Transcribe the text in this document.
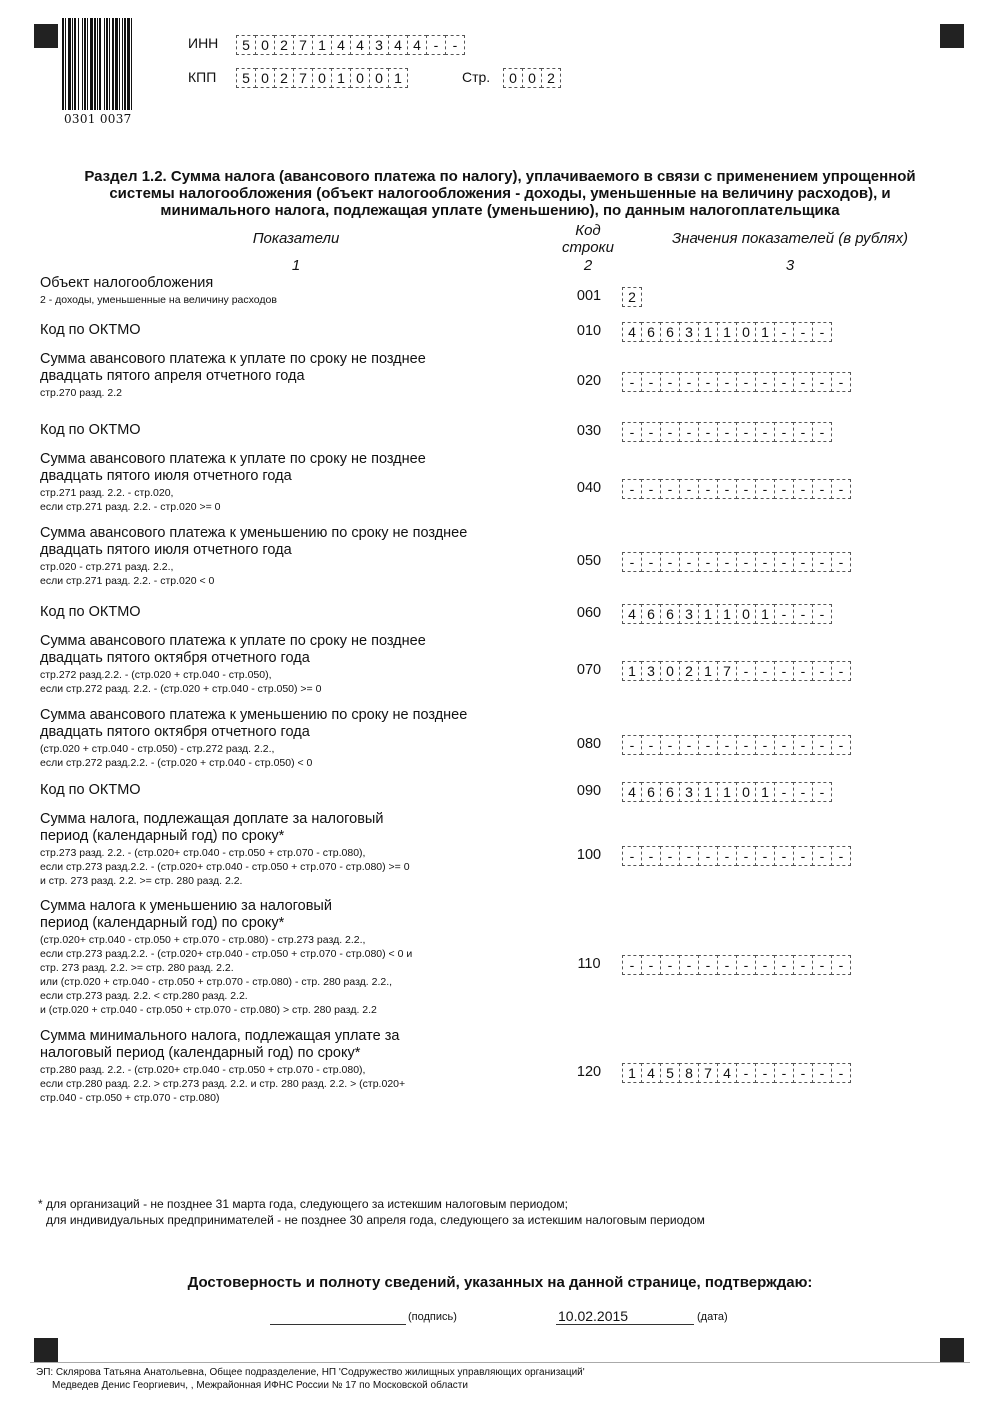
0301 0037
ИНН	5 0 2 7 1 4 4 3 4 4 -	-
КПП	5 0 2 7 0 1 0 0 1	Стр.	0 0 2
Раздел 1.2. Сумма налога (авансового платежа по налогу), уплачиваемого в связи с применением упрощенной
системы налогообложения (объект налогообложения - доходы, уменьшенные на величину расходов), и
минимального налога, подлежащая уплате (уменьшению), по данным налогоплательщика
Показатели	Код
строки
Значения показателей (в рублях)
1	2	3
Объект налогообложения
2 - доходы, уменьшенные на величину расходов	001	2
Код по ОКТМО	010	4 6 6 3 1 1 0 1 -	-	-
Сумма авансового платежа к уплате по сроку не позднее
двадцать пятого апреля отчетного года
стр.270 разд. 2.2
020	-	-	-	-	-	-	-	-	-	-	-	-
Код по ОКТМО	030	-	-	-	-	-	-	-	-	-	-	-
Сумма авансового платежа к уплате по сроку не позднее
двадцать пятого июля отчетного года
стр.271 разд. 2.2. - стр.020,
если стр.271 разд. 2.2. - стр.020 >= 0
040	-	-	-	-	-	-	-	-	-	-	-	-
Сумма авансового платежа к уменьшению по сроку не позднее
двадцать пятого июля отчетного года
стр.020 - стр.271 разд. 2.2.,
если стр.271 разд. 2.2. - стр.020 < 0
050	-	-	-	-	-	-	-	-	-	-	-	-
Код по ОКТМО	060	4 6 6 3 1 1 0 1 -	-	-
Сумма авансового платежа к уплате по сроку не позднее
двадцать пятого октября отчетного года
стр.272 разд.2.2. - (стр.020 + стр.040 - стр.050),
если стр.272 разд. 2.2. - (стр.020 + стр.040 - стр.050) >= 0
070	1 3 0 2 1 7 -	-	-	-	-	-
Сумма авансового платежа к уменьшению по сроку не позднее
двадцать пятого октября отчетного года
(стр.020 + стр.040 - стр.050) - стр.272 разд. 2.2.,
если стр.272 разд.2.2. - (стр.020 + стр.040 - стр.050) < 0
080	-	-	-	-	-	-	-	-	-	-	-	-
Код по ОКТМО	090	4 6 6 3 1 1 0 1 -	-	-
Сумма налога, подлежащая доплате за налоговый
период (календарный год) по сроку*
стр.273 разд. 2.2. - (стр.020+ стр.040 - стр.050 + стр.070 - стр.080),
если стр.273 разд.2.2. - (стр.020+ стр.040 - стр.050 + стр.070 - стр.080) >= 0
и стр. 273 разд. 2.2. >= стр. 280 разд. 2.2.
100	-	-	-	-	-	-	-	-	-	-	-	-
Сумма налога к уменьшению за налоговый
период (календарный год) по сроку*
(стр.020+ стр.040 - стр.050 + стр.070 - стр.080) - стр.273 разд. 2.2.,
если стр.273 разд.2.2. - (стр.020+ стр.040 - стр.050 + стр.070 - стр.080) < 0 и
стр. 273 разд. 2.2. >= стр. 280 разд. 2.2.
или (стр.020 + стр.040 - стр.050 + стр.070 - стр.080) - стр. 280 разд. 2.2.,
если стр.273 разд. 2.2. < стр.280 разд. 2.2.
и (стр.020 + стр.040 - стр.050 + стр.070 - стр.080) > стр. 280 разд. 2.2
110	-	-	-	-	-	-	-	-	-	-	-	-
Сумма минимального налога, подлежащая уплате за
налоговый период (календарный год) по сроку*
стр.280 разд. 2.2. - (стр.020+ стр.040 - стр.050 + стр.070 - стр.080),
если стр.280 разд. 2.2. > стр.273 разд. 2.2. и стр. 280 разд. 2.2. > (стр.020+
стр.040 - стр.050 + стр.070 - стр.080)
120	1 4 5 8 7 4 -	-	-	-	-	-
* для организаций - не позднее 31 марта года, следующего за истекшим налоговым периодом;
для индивидуальных предпринимателей - не позднее 30 апреля года, следующего за истекшим налоговым периодом
Достоверность и полноту сведений, указанных на данной странице, подтверждаю:
(подпись)	10.02.2015	(дата)
ЭП: Склярова Татьяна Анатольевна, Общее подразделение, НП 'Содружество жилищных управляющих организаций'
Медведев Денис Георгиевич, , Межрайонная ИФНС России № 17 по Московской области
